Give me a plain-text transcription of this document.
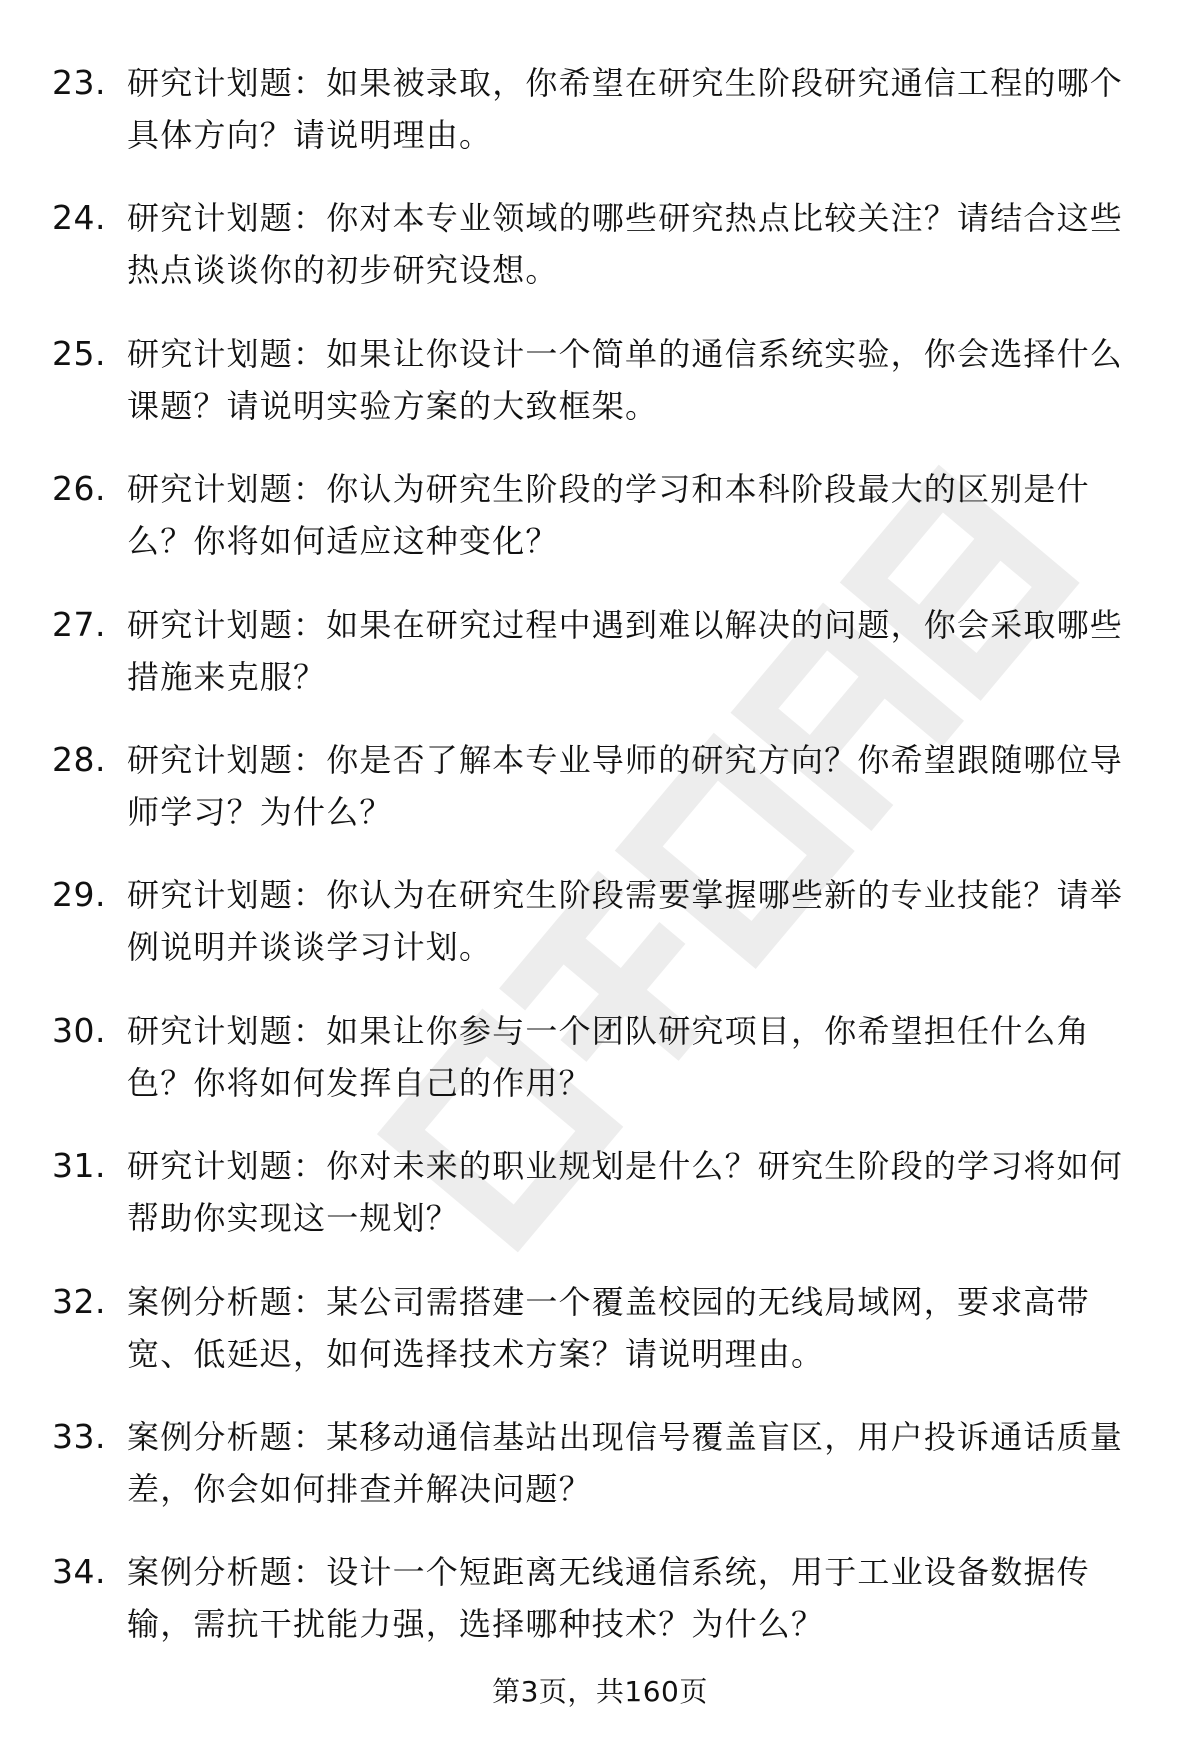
23. 研究计划题：如果被录取，你希望在研究生阶段研究通信工程的哪个具体方向？请说明理由。
24. 研究计划题：你对本专业领域的哪些研究热点比较关注？请结合这些热点谈谈你的初步研究设想。
25. 研究计划题：如果让你设计一个简单的通信系统实验，你会选择什么课题？请说明实验方案的大致框架。
26. 研究计划题：你认为研究生阶段的学习和本科阶段最大的区别是什么？你将如何适应这种变化？
27. 研究计划题：如果在研究过程中遇到难以解决的问题，你会采取哪些措施来克服？
28. 研究计划题：你是否了解本专业导师的研究方向？你希望跟随哪位导师学习？为什么？
29. 研究计划题：你认为在研究生阶段需要掌握哪些新的专业技能？请举例说明并谈谈学习计划。
30. 研究计划题：如果让你参与一个团队研究项目，你希望担任什么角色？你将如何发挥自己的作用？
31. 研究计划题：你对未来的职业规划是什么？研究生阶段的学习将如何帮助你实现这一规划？
32. 案例分析题：某公司需搭建一个覆盖校园的无线局域网，要求高带宽、低延迟，如何选择技术方案？请说明理由。
33. 案例分析题：某移动通信基站出现信号覆盖盲区，用户投诉通话质量差，你会如何排查并解决问题？
34. 案例分析题：设计一个短距离无线通信系统，用于工业设备数据传输，需抗干扰能力强，选择哪种技术？为什么？
第3页，共160页
